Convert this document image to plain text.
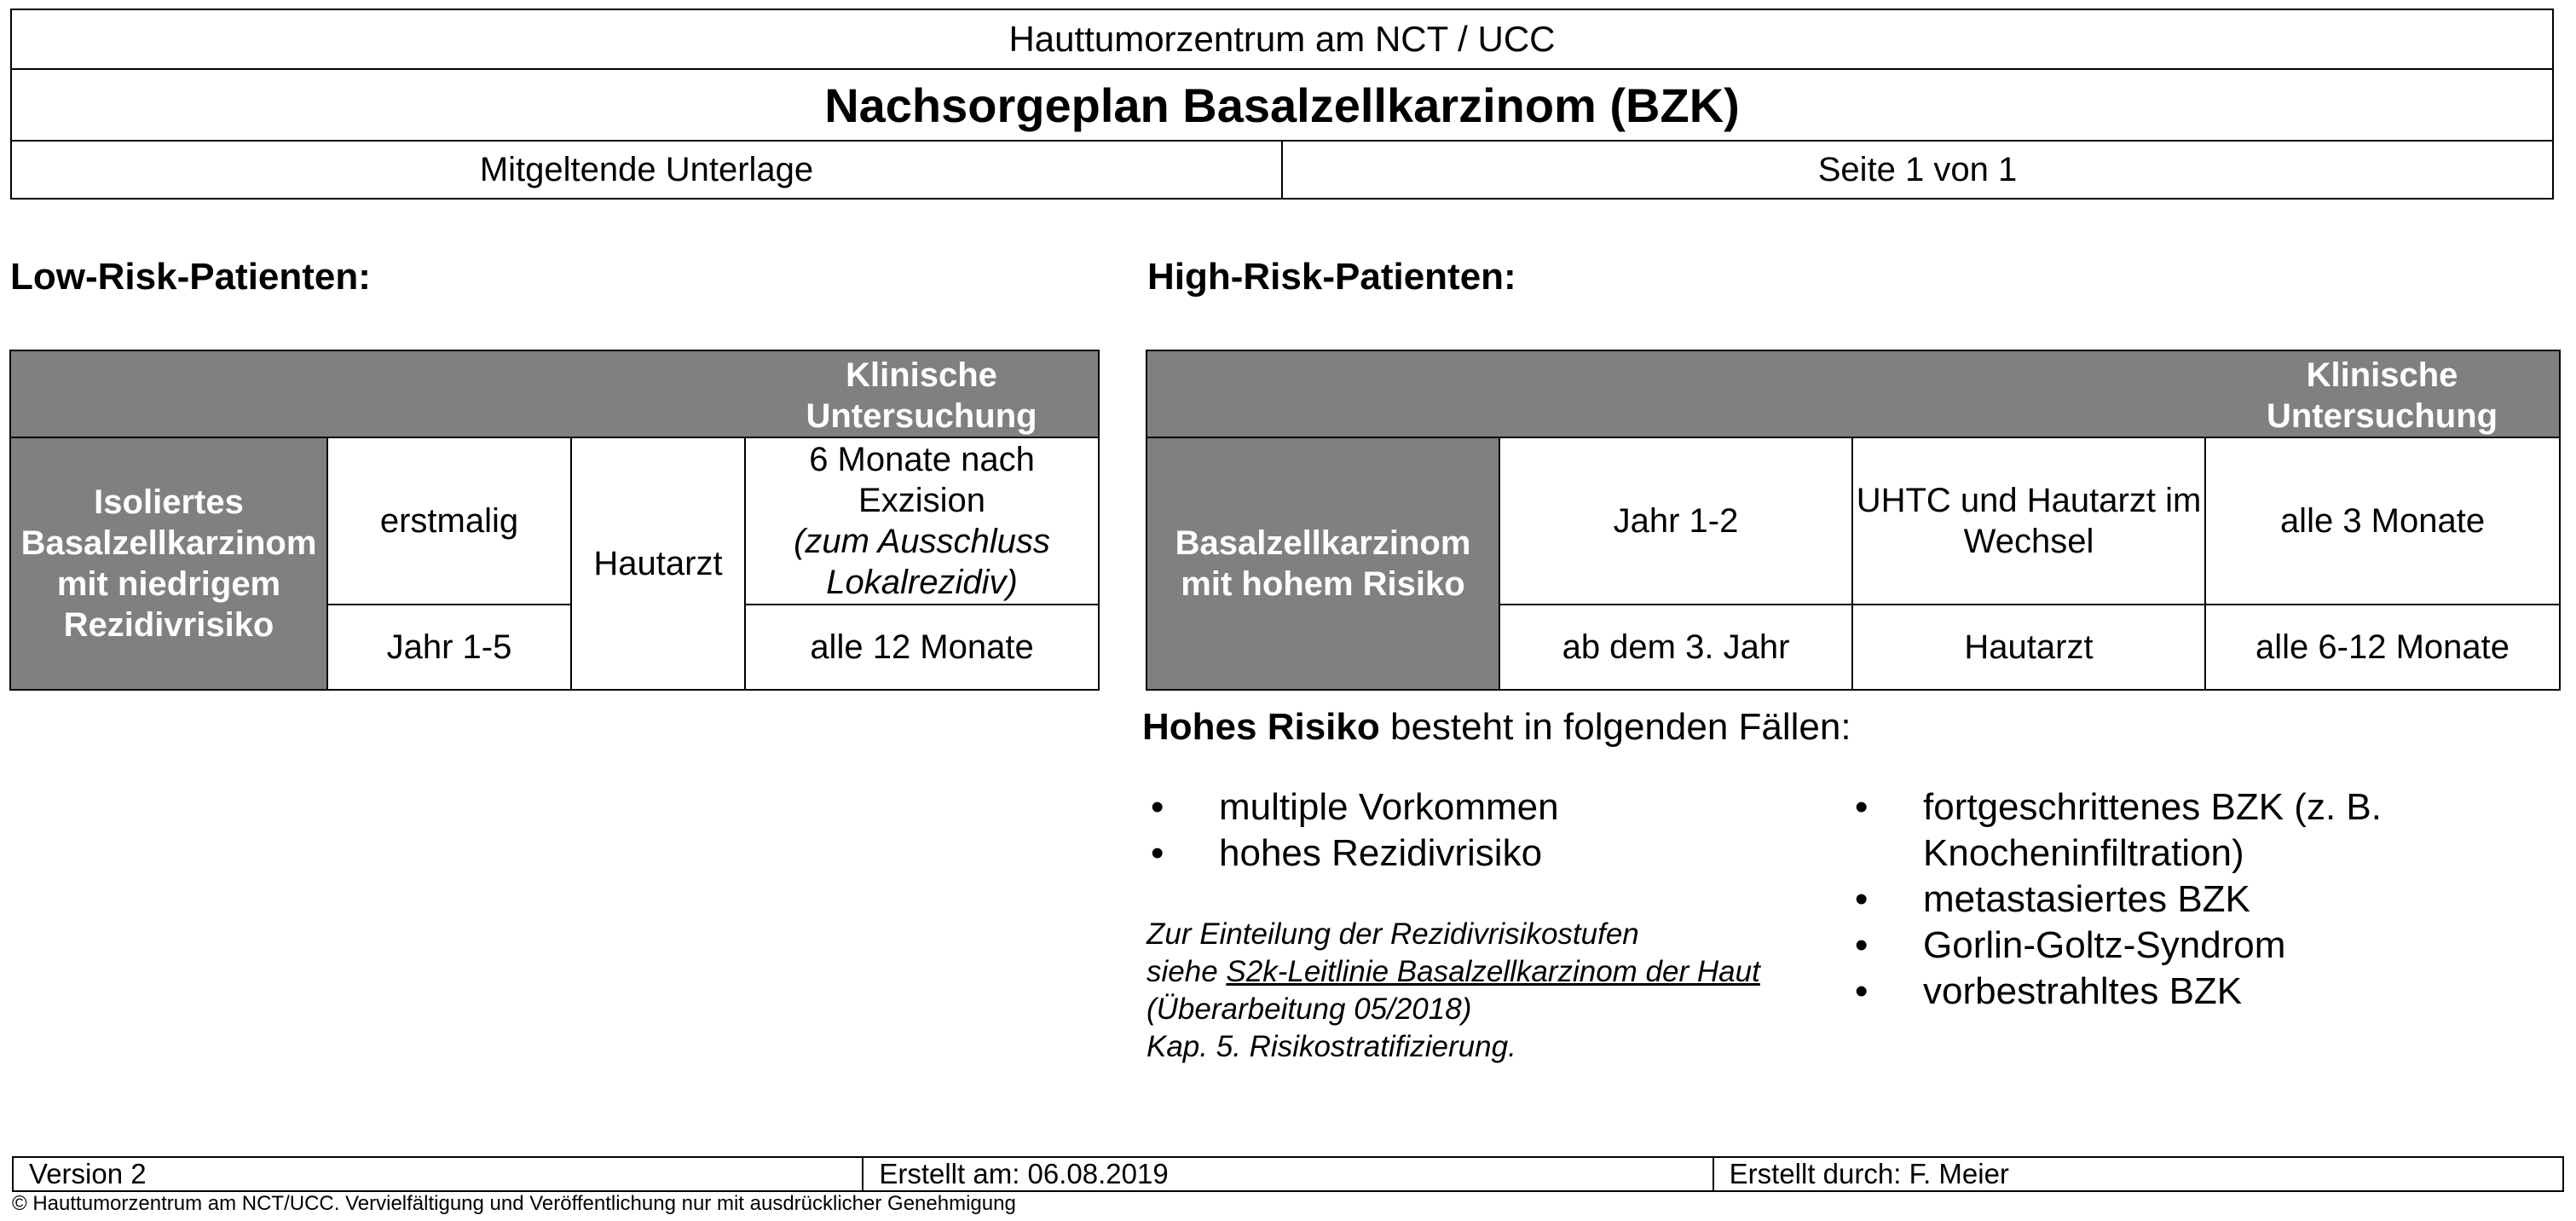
Hauttumorzentrum am NCT / UCC
Nachsorgeplan Basalzellkarzinom (BZK)
Mitgeltende Unterlage	Seite 1 von 1
Low-Risk-Patienten:	High-Risk-Patienten:
			Klinische Untersuchung
Isoliertes Basalzellkarzinom mit niedrigem Rezidivrisiko	erstmalig	Hautarzt	6 Monate nach Exzision
(zum Ausschluss Lokalrezidiv)
	Jahr 1-5		alle 12 Monate
			Klinische Untersuchung
Basalzellkarzinom mit hohem Risiko	Jahr 1-2	UHTC und Hautarzt im Wechsel	alle 3 Monate
	ab dem 3. Jahr	Hautarzt	alle 6-12 Monate
Hohes Risiko besteht in folgenden Fällen:
• multiple Vorkommen
• hohes Rezidivrisiko
• fortgeschrittenes BZK (z. B. Knocheninfiltration)
• metastasiertes BZK
• Gorlin-Goltz-Syndrom
• vorbestrahltes BZK
Zur Einteilung der Rezidivrisikostufen
siehe S2k-Leitlinie Basalzellkarzinom der Haut
(Überarbeitung 05/2018)
Kap. 5. Risikostratifizierung.
Version 2	Erstellt am: 06.08.2019	Erstellt durch: F. Meier
© Hauttumorzentrum am NCT/UCC. Vervielfältigung und Veröffentlichung nur mit ausdrücklicher Genehmigung
